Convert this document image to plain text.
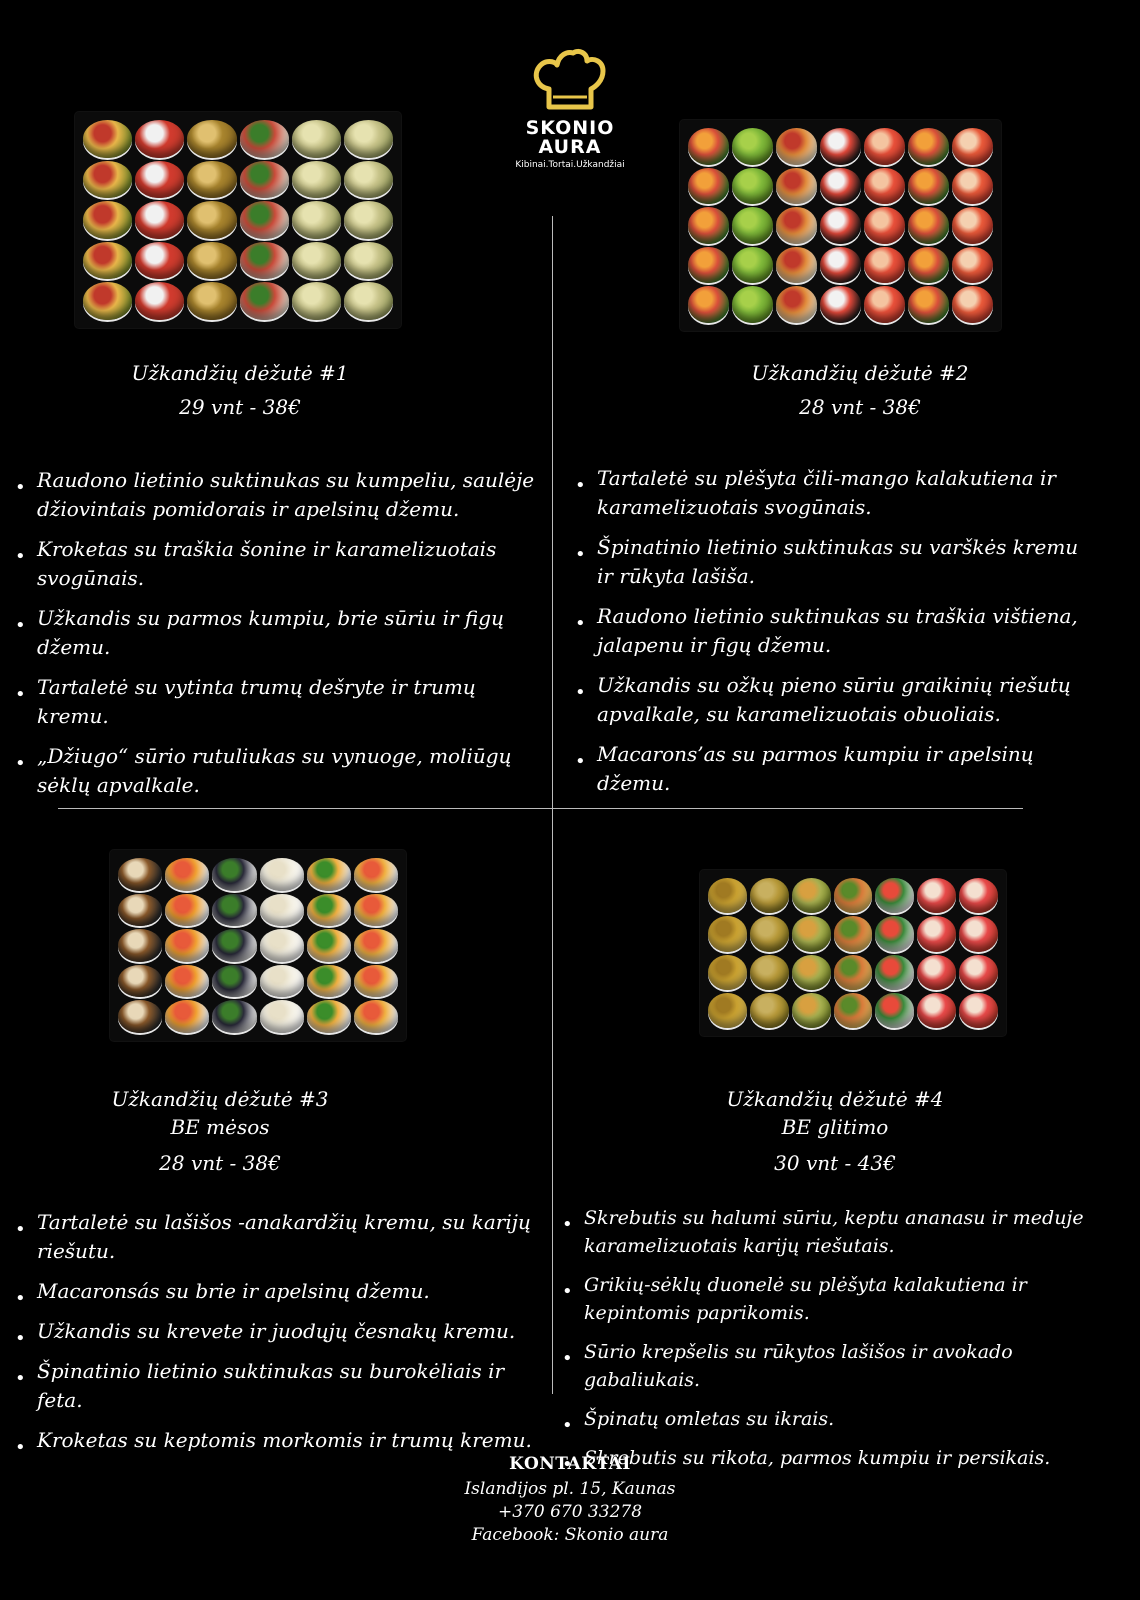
SKONIO
AURA
Kibinai.Tortai.Užkandžiai
Užkandžių dėžutė #1
29 vnt - 38€
• Raudono lietinio suktinukas su kumpeliu, saulėje džiovintais pomidorais ir apelsinų džemu.
• Kroketas su traškia šonine ir karamelizuotais svogūnais.
• Užkandis su parmos kumpiu, brie sūriu ir figų džemu.
• Tartaletė su vytinta trumų dešryte ir trumų kremu.
• „Džiugo“ sūrio rutuliukas su vynuoge, moliūgų sėklų apvalkale.
Užkandžių dėžutė #2
28 vnt - 38€
• Tartaletė su plėšyta čili-mango kalakutiena ir karamelizuotais svogūnais.
• Špinatinio lietinio suktinukas su varškės kremu ir rūkyta lašiša.
• Raudono lietinio suktinukas su traškia vištiena, jalapenu ir figų džemu.
• Užkandis su ožkų pieno sūriu graikinių riešutų apvalkale, su karamelizuotais obuoliais.
• Macarons’as su parmos kumpiu ir apelsinų džemu.
Užkandžių dėžutė #3
BE mėsos
28 vnt - 38€
• Tartaletė su lašišos -anakardžių kremu, su karijų riešutu.
• Macaronsás su brie ir apelsinų džemu.
• Užkandis su krevete ir juodųjų česnakų kremu.
• Špinatinio lietinio suktinukas su burokėliais ir feta.
• Kroketas su keptomis morkomis ir trumų kremu.
Užkandžių dėžutė #4
BE glitimo
30 vnt - 43€
• Skrebutis su halumi sūriu, keptu ananasu ir meduje karamelizuotais karijų riešutais.
• Grikių-sėklų duonelė su plėšyta kalakutiena ir kepintomis paprikomis.
• Sūrio krepšelis su rūkytos lašišos ir avokado gabaliukais.
• Špinatų omletas su ikrais.
• Skrebutis su rikota, parmos kumpiu ir persikais.
KONTAKTAI
Islandijos pl. 15, Kaunas
+370 670 33278
Facebook: Skonio aura
